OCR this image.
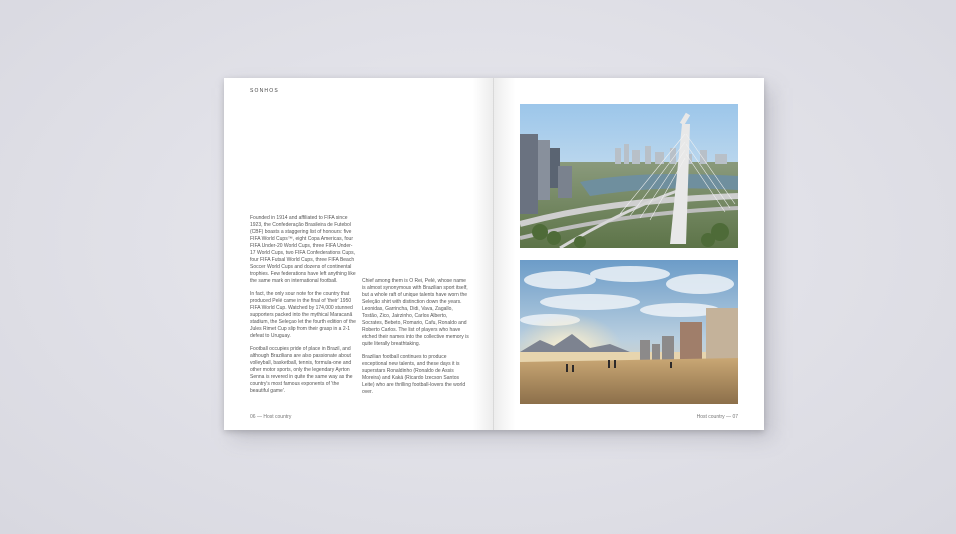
SONHOS

Founded in 1914 and affiliated to FIFA since 1923, the Confederação Brasileira de Futebol (CBF) boasts a staggering list of honours: five FIFA World Cups™, eight Copa Americas, four FIFA Under-20 World Cups, three FIFA Under-17 World Cups, two FIFA Confederations Cups, four FIFA Futsal World Cups, three FIFA Beach Soccer World Cups and dozens of continental trophies. Few federations have left anything like the same mark on international football.

In fact, the only sour note for the country that produced Pelé came in the final of 'their' 1950 FIFA World Cup. Watched by 174,000 stunned supporters packed into the mythical Maracanã stadium, the Seleçao let the fourth edition of the Jules Rimet Cup slip from their grasp in a 2-1 defeat to Uruguay.

Football occupies pride of place in Brazil, and although Brazilians are also passionate about volleyball, basketball, tennis, formula-one and other motor sports, only the legendary Ayrton Senna is revered in quite the same way as the country's most famous exponents of 'the beautiful game'.

Chief among them is O Rei, Pelé, whose name is almost synonymous with Brazilian sport itself, but a whole raft of unique talents have worn the Seleção shirt with distinction down the years. Leonidas, Garrincha, Didi, Vava, Zagallo, Tostão, Zico, Jairzinho, Carlos Alberto, Socrates, Bebeto, Romario, Cafu, Ronaldo and Roberto Carlos. The list of players who have etched their names into the collective memory is quite literally breathtaking.

Brazilian football continues to produce exceptional new talents, and these days it is superstars Ronaldinho (Ronaldo de Assis Moreira) and Kaká (Ricardo Izecson Santos Leite) who are thrilling football-lovers the world over.

06 — Host country	Host country — 07
